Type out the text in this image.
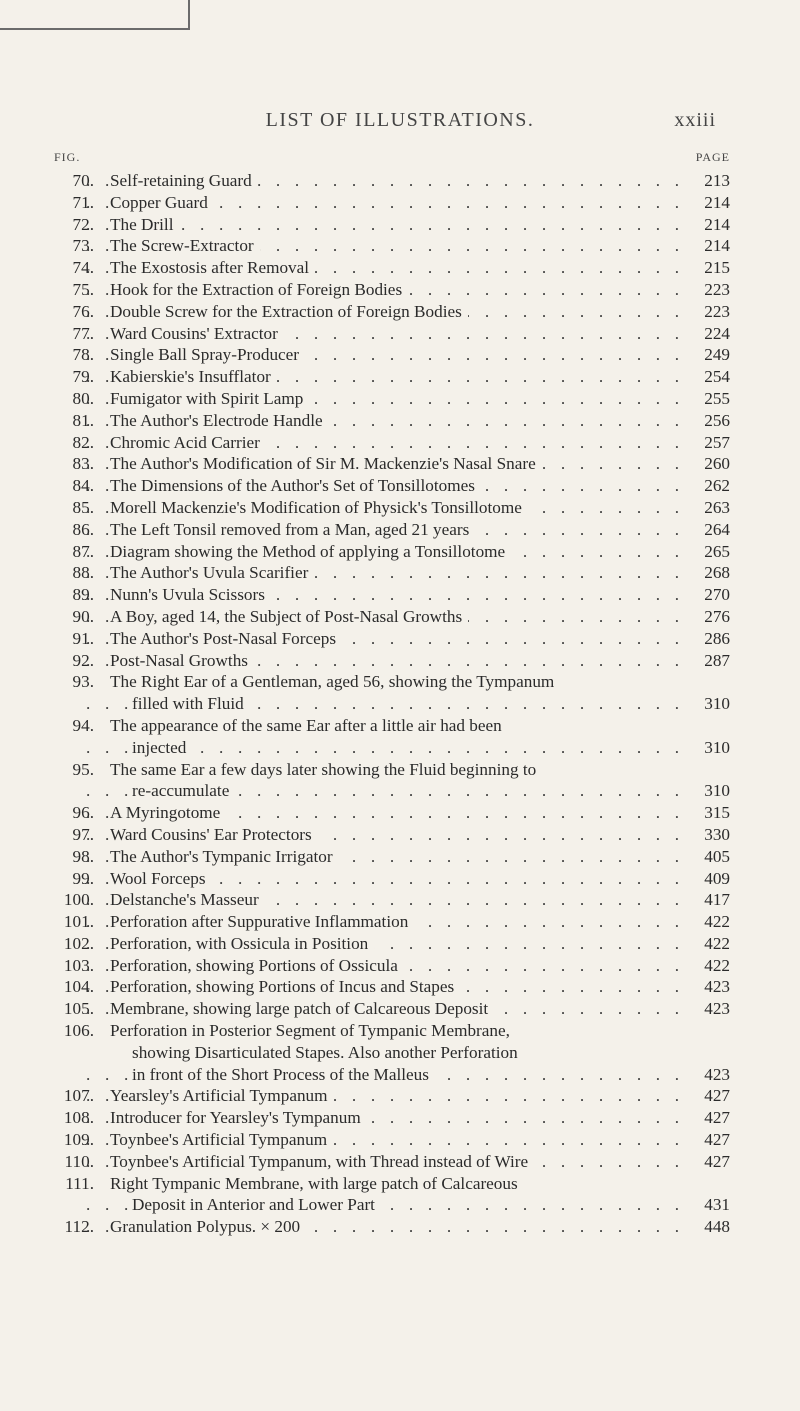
LIST OF ILLUSTRATIONS.	xxiii
FIG.	PAGE
70. . . . Self-retaining Guard	213
71. . . . Copper Guard	214
72. . . . The Drill	214
73. . . . The Screw-Extractor	214
74. . . . The Exostosis after Removal	215
75. . . . Hook for the Extraction of Foreign Bodies	223
76. . . . Double Screw for the Extraction of Foreign Bodies	223
77. . . . Ward Cousins' Extractor	224
78. . . . Single Ball Spray-Producer	249
79. . . . Kabierskie's Insufflator	254
80. . . . Fumigator with Spirit Lamp	255
81. . . . The Author's Electrode Handle	256
82. . . . Chromic Acid Carrier	257
83. . . . The Author's Modification of Sir M. Mackenzie's Nasal Snare	260
84. . . . The Dimensions of the Author's Set of Tonsillotomes	262
85. . . . Morell Mackenzie's Modification of Physick's Tonsillotome	263
86. . . . The Left Tonsil removed from a Man, aged 21 years	264
87. . . . Diagram showing the Method of applying a Tonsillotome	265
88. . . . The Author's Uvula Scarifier	268
89. . . . Nunn's Uvula Scissors	270
90. . . . A Boy, aged 14, the Subject of Post-Nasal Growths	276
91. . . . The Author's Post-Nasal Forceps	286
92. . . . Post-Nasal Growths	287
93. The Right Ear of a Gentleman, aged 56, showing the Tympanum
. . . filled with Fluid	310
94. The appearance of the same Ear after a little air had been
. . . injected	310
95. The same Ear a few days later showing the Fluid beginning to
. . . re-accumulate	310
96. . . . A Myringotome	315
97. . . . Ward Cousins' Ear Protectors	330
98. . . . The Author's Tympanic Irrigator	405
99. . . . Wool Forceps	409
100. . . . Delstanche's Masseur	417
101. . . . Perforation after Suppurative Inflammation	422
102. . . . Perforation, with Ossicula in Position	422
103. . . . Perforation, showing Portions of Ossicula	422
104. . . . Perforation, showing Portions of Incus and Stapes	423
105. . . . Membrane, showing large patch of Calcareous Deposit	423
106. Perforation in Posterior Segment of Tympanic Membrane,
showing Disarticulated Stapes. Also another Perforation
. . . in front of the Short Process of the Malleus	423
107. . . . Yearsley's Artificial Tympanum	427
108. . . . Introducer for Yearsley's Tympanum	427
109. . . . Toynbee's Artificial Tympanum	427
110. . . . Toynbee's Artificial Tympanum, with Thread instead of Wire	427
111. Right Tympanic Membrane, with large patch of Calcareous
. . . Deposit in Anterior and Lower Part	431
112. . . . Granulation Polypus. × 200	448
